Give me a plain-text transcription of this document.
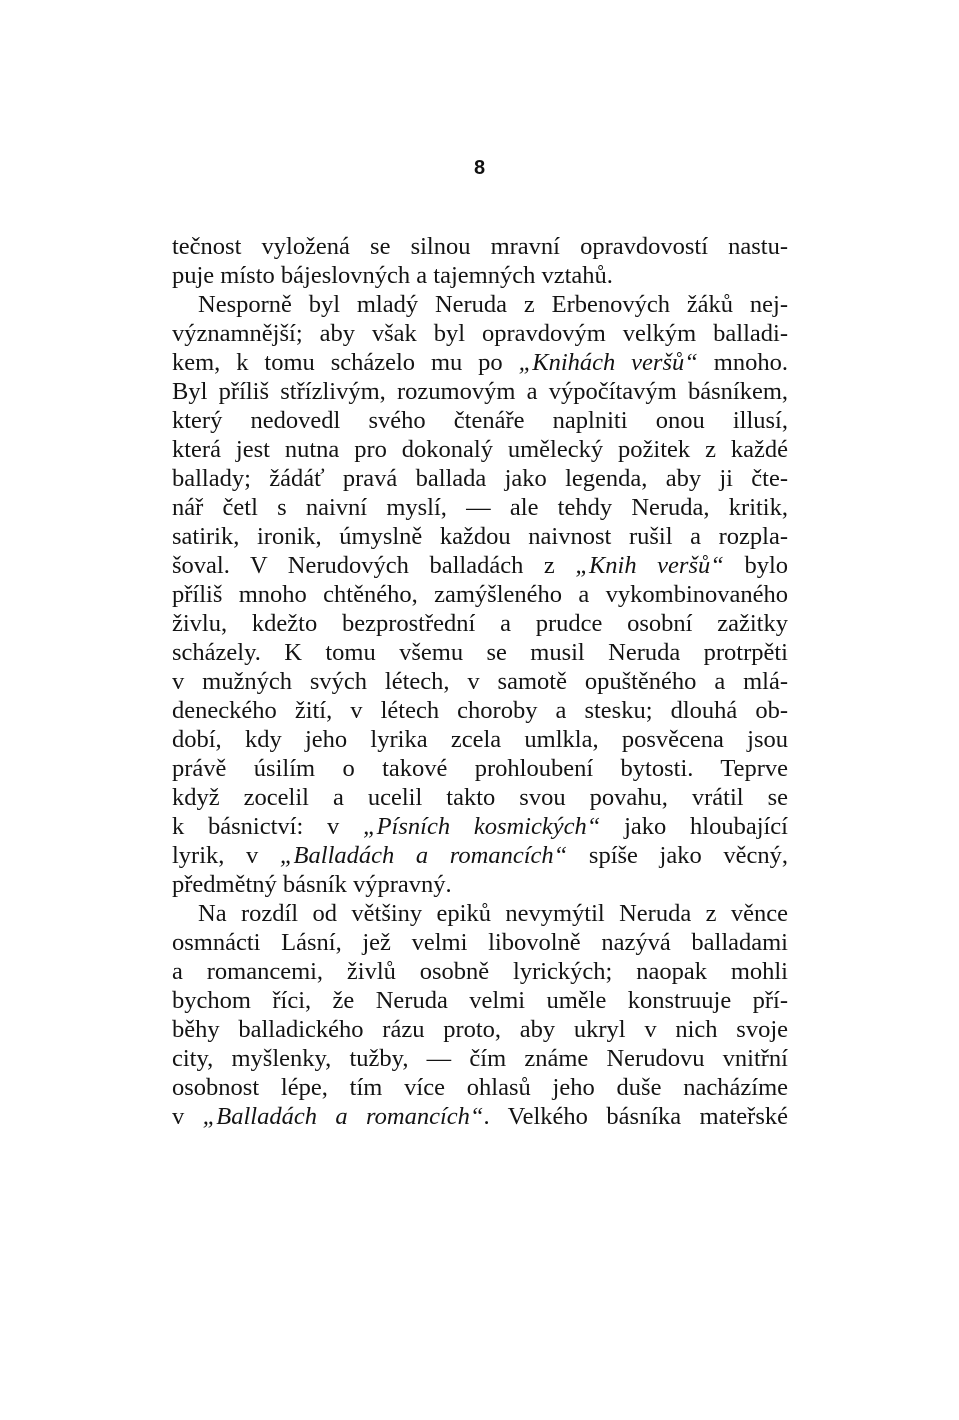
8
tečnost vyložená se silnou mravní opravdovostí nastu-
puje místo bájeslovných a tajemných vztahů.
Nesporně byl mladý Neruda z Erbenových žáků nej-
významnější; aby však byl opravdovým velkým balladi-
kem, k tomu scházelo mu po „Knihách veršů“ mnoho.
Byl příliš střízlivým, rozumovým a výpočítavým básníkem,
který nedovedl svého čtenáře naplniti onou illusí,
která jest nutna pro dokonalý umělecký požitek z každé
ballady; žádáť pravá ballada jako legenda, aby ji čte-
nář četl s naivní myslí, — ale tehdy Neruda, kritik,
satirik, ironik, úmyslně každou naivnost rušil a rozpla-
šoval. V Nerudových balladách z „Knih veršů“ bylo
příliš mnoho chtěného, zamýšleného a vykombinovaného
živlu, kdežto bezprostřední a prudce osobní zažitky
scházely. K tomu všemu se musil Neruda protrpěti
v mužných svých létech, v samotě opuštěného a mlá-
deneckého žití, v létech choroby a stesku; dlouhá ob-
dobí, kdy jeho lyrika zcela umlkla, posvěcena jsou
právě úsilím o takové prohloubení bytosti. Teprve
když zocelil a ucelil takto svou povahu, vrátil se
k básnictví: v „Písních kosmických“ jako hloubající
lyrik, v „Balladách a romancích“ spíše jako věcný,
předmětný básník výpravný.
Na rozdíl od většiny epiků nevymýtil Neruda z věnce
osmnácti Lásní, jež velmi libovolně nazývá balladami
a romancemi, živlů osobně lyrických; naopak mohli
bychom říci, že Neruda velmi uměle konstruuje pří-
běhy balladického rázu proto, aby ukryl v nich svoje
city, myšlenky, tužby, — čím známe Nerudovu vnitřní
osobnost lépe, tím více ohlasů jeho duše nacházíme
v „Balladách a romancích“. Velkého básníka mateřské
